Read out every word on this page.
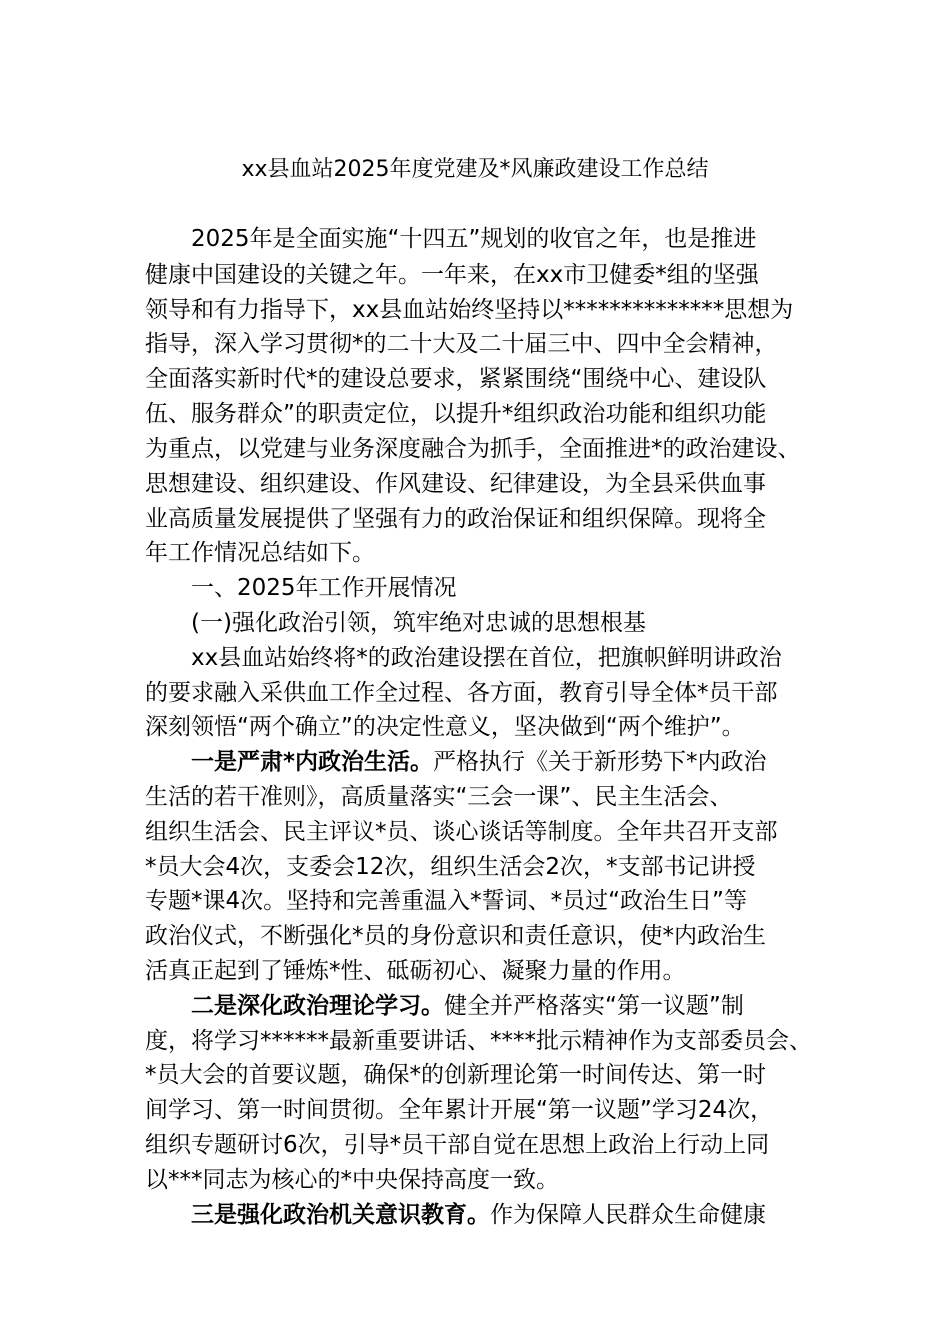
xx县血站2025年度党建及*风廉政建设工作总结
2025年是全面实施“十四五”规划的收官之年，也是推进
健康中国建设的关键之年。一年来，在xx市卫健委*组的坚强
领导和有力指导下，xx县血站始终坚持以**************思想为
指导，深入学习贯彻*的二十大及二十届三中、四中全会精神，
全面落实新时代*的建设总要求，紧紧围绕“围绕中心、建设队
伍、服务群众”的职责定位，以提升*组织政治功能和组织功能
为重点，以党建与业务深度融合为抓手，全面推进*的政治建设、
思想建设、组织建设、作风建设、纪律建设，为全县采供血事
业高质量发展提供了坚强有力的政治保证和组织保障。现将全
年工作情况总结如下。
一、2025年工作开展情况
(一)强化政治引领，筑牢绝对忠诚的思想根基
xx县血站始终将*的政治建设摆在首位，把旗帜鲜明讲政治
的要求融入采供血工作全过程、各方面，教育引导全体*员干部
深刻领悟“两个确立”的决定性意义，坚决做到“两个维护”。
一是严肃*内政治生活。严格执行《关于新形势下*内政治
生活的若干准则》，高质量落实“三会一课”、民主生活会、
组织生活会、民主评议*员、谈心谈话等制度。全年共召开支部
*员大会4次，支委会12次，组织生活会2次，*支部书记讲授
专题*课4次。坚持和完善重温入*誓词、*员过“政治生日”等
政治仪式，不断强化*员的身份意识和责任意识，使*内政治生
活真正起到了锤炼*性、砥砺初心、凝聚力量的作用。
二是深化政治理论学习。健全并严格落实“第一议题”制
度，将学习******最新重要讲话、****批示精神作为支部委员会、
*员大会的首要议题，确保*的创新理论第一时间传达、第一时
间学习、第一时间贯彻。全年累计开展“第一议题”学习24次，
组织专题研讨6次，引导*员干部自觉在思想上政治上行动上同
以***同志为核心的*中央保持高度一致。
三是强化政治机关意识教育。作为保障人民群众生命健康
